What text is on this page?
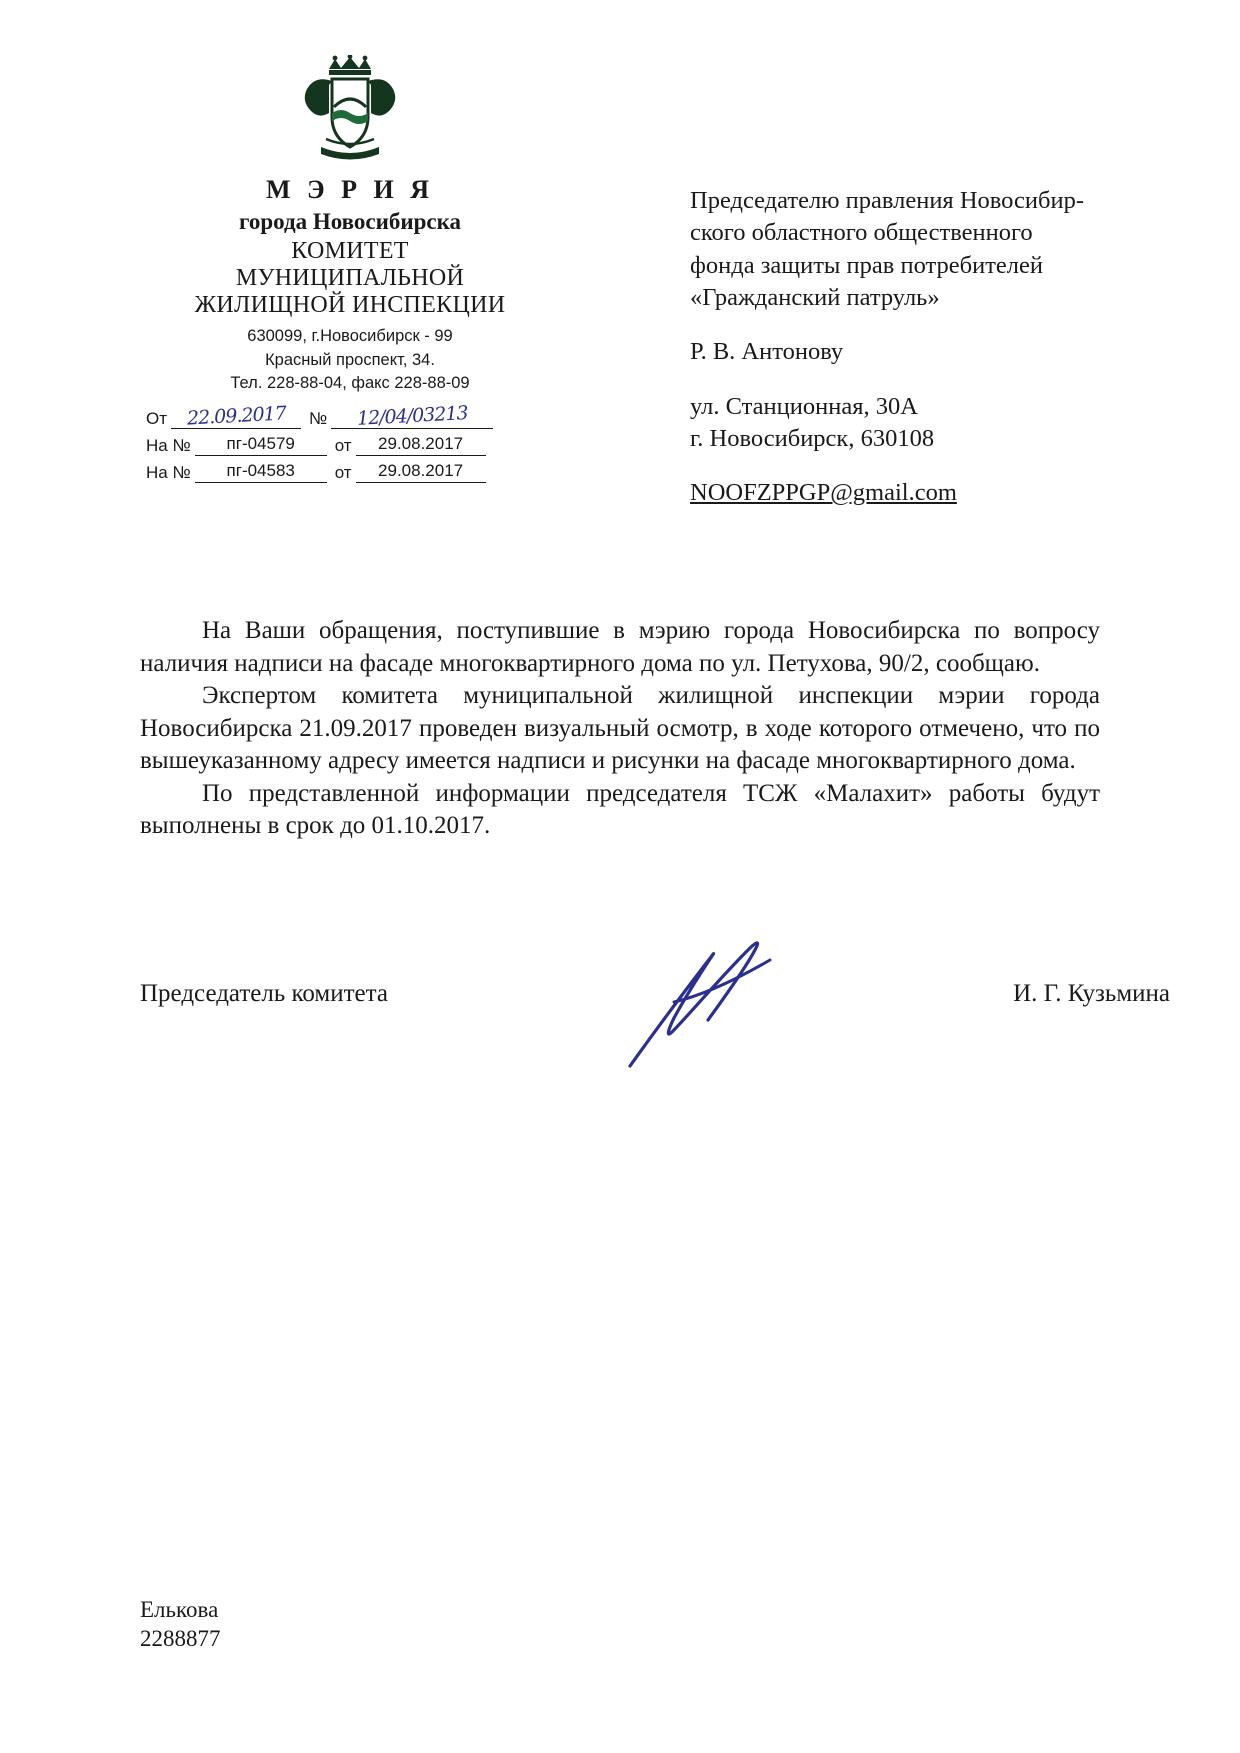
М Э Р И Я
города Новосибирска
КОМИТЕТ
МУНИЦИПАЛЬНОЙ
ЖИЛИЩНОЙ ИНСПЕКЦИИ
630099, г.Новосибирск - 99
Красный проспект, 34.
Тел. 228-88-04, факс 228-88-09
От	22.09.2017	№	12/04/03213
На №	пг-04579	от	29.08.2017
На №	пг-04583	от	29.08.2017
Председателю правления Новосибир-
ского областного общественного
фонда защиты прав потребителей
«Гражданский патруль»
Р. В. Антонову
ул. Станционная, 30А
г. Новосибирск, 630108
NOOFZPPGP@gmail.com

На Ваши обращения, поступившие в мэрию города Новосибирска по вопросу наличия надписи на фасаде многоквартирного дома по ул. Петухова, 90/2, сообщаю.

Экспертом комитета муниципальной жилищной инспекции мэрии города Новосибирска 21.09.2017 проведен визуальный осмотр, в ходе которого отмечено, что по вышеуказанному адресу имеется надписи и рисунки на фасаде многоквартирного дома.

По представленной информации председателя ТСЖ «Малахит» работы будут выполнены в срок до 01.10.2017.

Председатель комитета	И. Г. Кузьмина
Елькова
2288877
